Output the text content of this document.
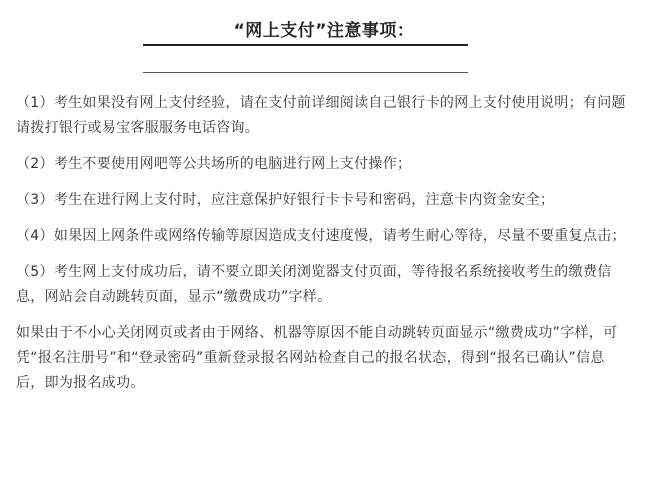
“网上支付”注意事项：

（1）考生如果没有网上支付经验，请在支付前详细阅读自己银行卡的网上支付使用说明；有问题请拨打银行或易宝客服服务电话咨询。

（2）考生不要使用网吧等公共场所的电脑进行网上支付操作；

（3）考生在进行网上支付时，应注意保护好银行卡卡号和密码，注意卡内资金安全；

（4）如果因上网条件或网络传输等原因造成支付速度慢，请考生耐心等待，尽量不要重复点击；

（5）考生网上支付成功后，请不要立即关闭浏览器支付页面，等待报名系统接收考生的缴费信息，网站会自动跳转页面，显示“缴费成功”字样。

如果由于不小心关闭网页或者由于网络、机器等原因不能自动跳转页面显示“缴费成功”字样，可凭“报名注册号”和“登录密码”重新登录报名网站检查自己的报名状态，得到“报名已确认”信息后，即为报名成功。
